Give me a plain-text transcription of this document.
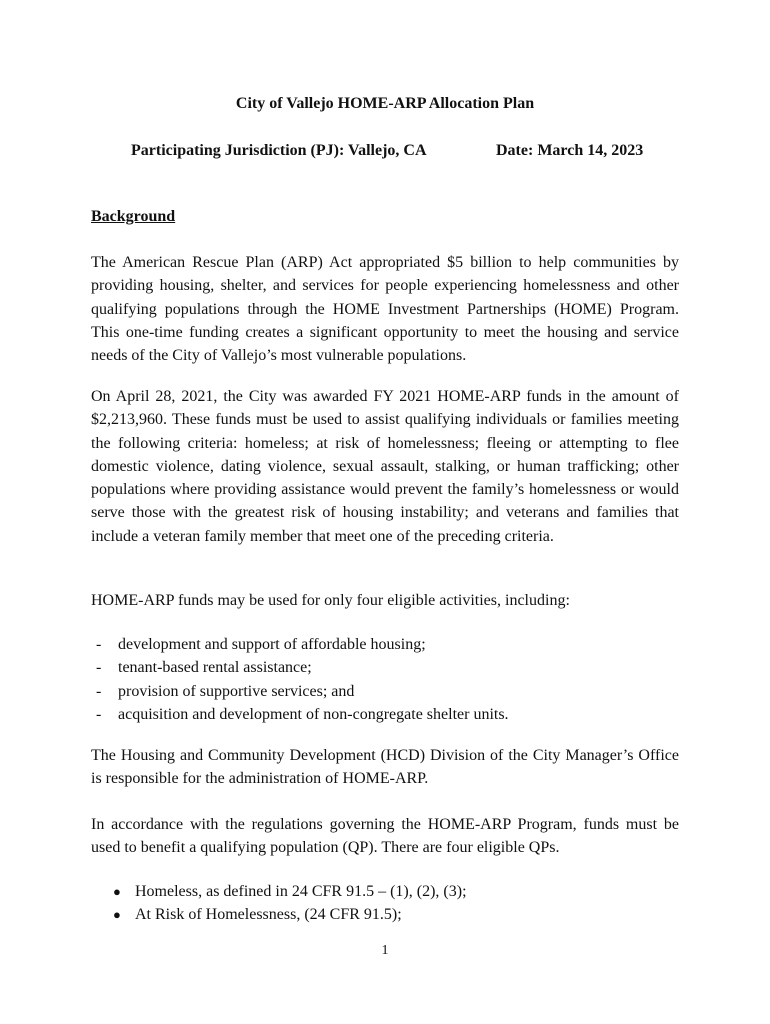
City of Vallejo HOME-ARP Allocation Plan
Participating Jurisdiction (PJ): Vallejo, CA	Date: March 14, 2023
Background

The American Rescue Plan (ARP) Act appropriated $5 billion to help communities by providing housing, shelter, and services for people experiencing homelessness and other qualifying populations through the HOME Investment Partnerships (HOME) Program. This one-time funding creates a significant opportunity to meet the housing and service needs of the City of Vallejo’s most vulnerable populations.

On April 28, 2021, the City was awarded FY 2021 HOME-ARP funds in the amount of $2,213,960. These funds must be used to assist qualifying individuals or families meeting the following criteria: homeless; at risk of homelessness; fleeing or attempting to flee domestic violence, dating violence, sexual assault, stalking, or human trafficking; other populations where providing assistance would prevent the family’s homelessness or would serve those with the greatest risk of housing instability; and veterans and families that include a veteran family member that meet one of the preceding criteria.

HOME-ARP funds may be used for only four eligible activities, including:

- development and support of affordable housing;
- tenant-based rental assistance;
- provision of supportive services; and
- acquisition and development of non-congregate shelter units.

The Housing and Community Development (HCD) Division of the City Manager’s Office is responsible for the administration of HOME-ARP.

In accordance with the regulations governing the HOME-ARP Program, funds must be used to benefit a qualifying population (QP). There are four eligible QPs.

● Homeless, as defined in 24 CFR 91.5 – (1), (2), (3);
● At Risk of Homelessness, (24 CFR 91.5);
1
